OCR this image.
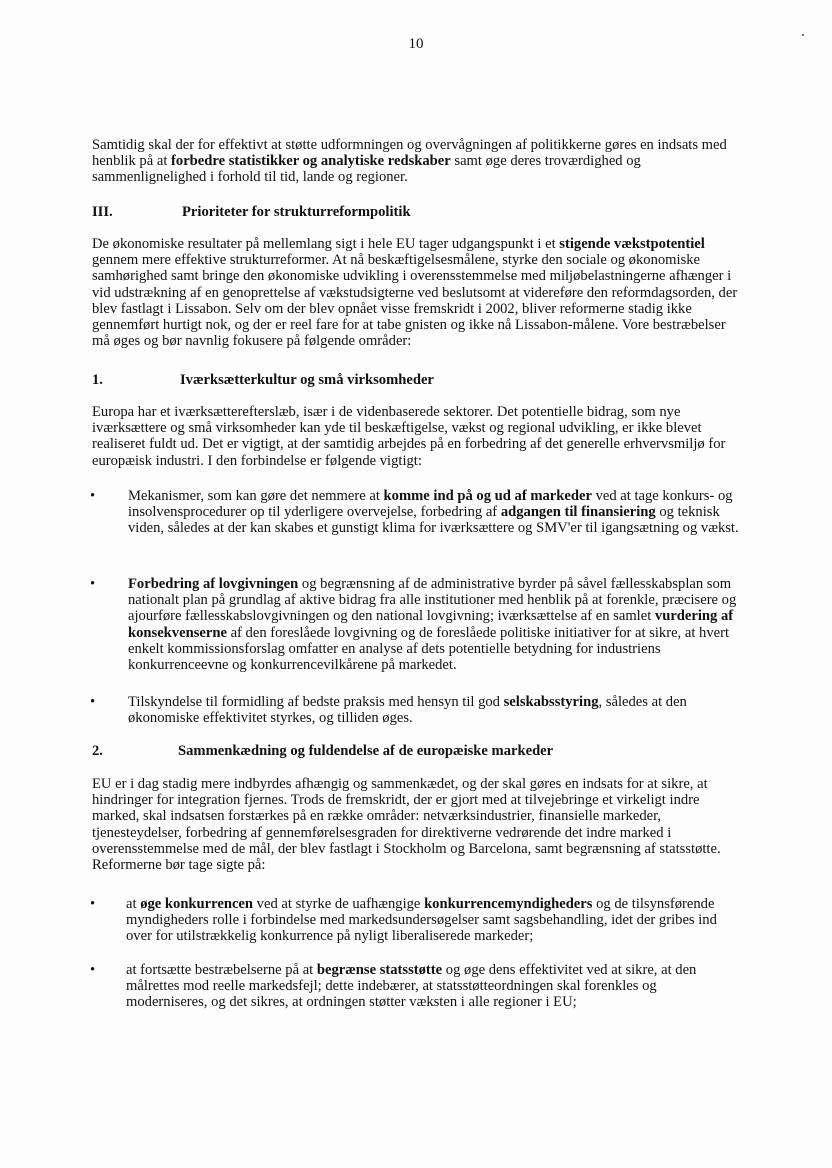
10

Samtidig skal der for effektivt at støtte udformningen og overvågningen af politikkerne gøres en indsats med henblik på at forbedre statistikker og analytiske redskaber samt øge deres troværdighed og sammenlignelighed i forhold til tid, lande og regioner.

III.	Prioriteter for strukturreformpolitik

De økonomiske resultater på mellemlang sigt i hele EU tager udgangspunkt i et stigende vækstpotentiel gennem mere effektive strukturreformer. At nå beskæftigelsesmålene, styrke den sociale og økonomiske samhørighed samt bringe den økonomiske udvikling i overensstemmelse med miljøbelastningerne afhænger i vid udstrækning af en genoprettelse af vækstudsigterne ved beslutsomt at videreføre den reformdagsorden, der blev fastlagt i Lissabon. Selv om der blev opnået visse fremskridt i 2002, bliver reformerne stadig ikke gennemført hurtigt nok, og der er reel fare for at tabe gnisten og ikke nå Lissabon-målene. Vore bestræbelser må øges og bør navnlig fokusere på følgende områder:

1.	Iværksætterkultur og små virksomheder

Europa har et iværksætterefterslæb, især i de videnbaserede sektorer. Det potentielle bidrag, som nye iværksættere og små virksomheder kan yde til beskæftigelse, vækst og regional udvikling, er ikke blevet realiseret fuldt ud. Det er vigtigt, at der samtidig arbejdes på en forbedring af det generelle erhvervsmiljø for europæisk industri. I den forbindelse er følgende vigtigt:

• Mekanismer, som kan gøre det nemmere at komme ind på og ud af markeder ved at tage konkurs- og insolvensprocedurer op til yderligere overvejelse, forbedring af adgangen til finansiering og teknisk viden, således at der kan skabes et gunstigt klima for iværksættere og SMV'er til igangsætning og vækst.
• Forbedring af lovgivningen og begrænsning af de administrative byrder på såvel fællesskabsplan som nationalt plan på grundlag af aktive bidrag fra alle institutioner med henblik på at forenkle, præcisere og ajourføre fællesskabslovgivningen og den national lovgivning; iværksættelse af en samlet vurdering af konsekvenserne af den foreslåede lovgivning og de foreslåede politiske initiativer for at sikre, at hvert enkelt kommissionsforslag omfatter en analyse af dets potentielle betydning for industriens konkurrenceevne og konkurrencevilkårene på markedet.
• Tilskyndelse til formidling af bedste praksis med hensyn til god selskabsstyring, således at den økonomiske effektivitet styrkes, og tilliden øges.
2.	Sammenkædning og fuldendelse af de europæiske markeder

EU er i dag stadig mere indbyrdes afhængig og sammenkædet, og der skal gøres en indsats for at sikre, at hindringer for integration fjernes. Trods de fremskridt, der er gjort med at tilvejebringe et virkeligt indre marked, skal indsatsen forstærkes på en række områder: netværksindustrier, finansielle markeder, tjenesteydelser, forbedring af gennemførelsesgraden for direktiverne vedrørende det indre marked i overensstemmelse med de mål, der blev fastlagt i Stockholm og Barcelona, samt begrænsning af statsstøtte. Reformerne bør tage sigte på:

• at øge konkurrencen ved at styrke de uafhængige konkurrencemyndigheders og de tilsynsførende myndigheders rolle i forbindelse med markedsundersøgelser samt sagsbehandling, idet der gribes ind over for utilstrækkelig konkurrence på nyligt liberaliserede markeder;
• at fortsætte bestræbelserne på at begrænse statsstøtte og øge dens effektivitet ved at sikre, at den målrettes mod reelle markedsfejl; dette indebærer, at statsstøtteordningen skal forenkles og moderniseres, og det sikres, at ordningen støtter væksten i alle regioner i EU;
